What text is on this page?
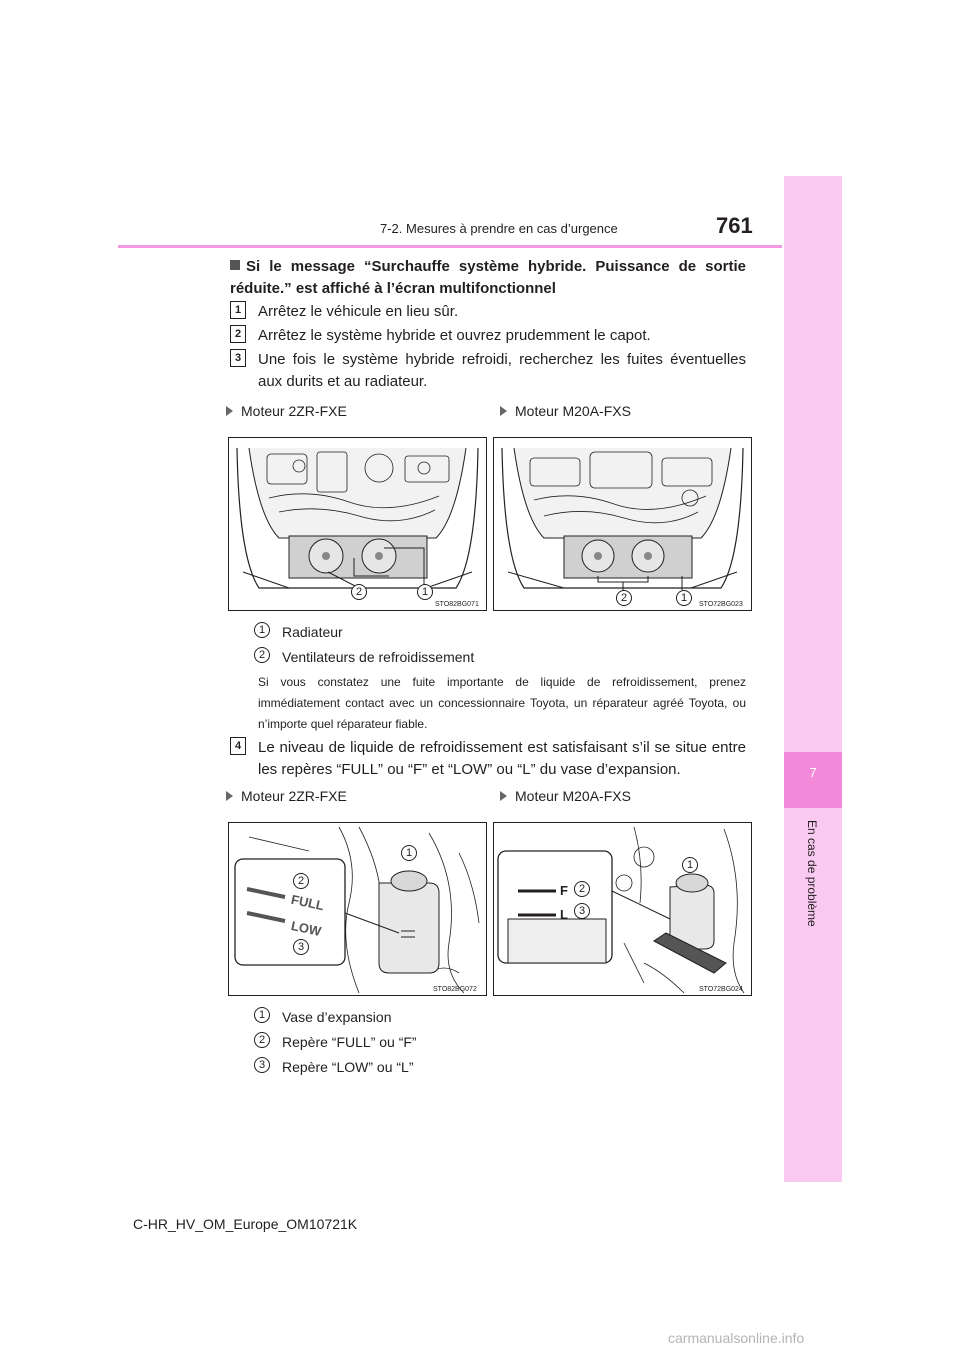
7
En cas de problème
7-2. Mesures à prendre en cas d’urgence	761
Si le message “Surchauffe système hybride. Puissance de sortie réduite.” est affiché à l’écran multifonctionnel
1	Arrêtez le véhicule en lieu sûr.
2	Arrêtez le système hybride et ouvrez prudemment le capot.
3	Une fois le système hybride refroidi, recherchez les fuites éventuelles aux durits et au radiateur.
Moteur 2ZR-FXE	Moteur M20A-FXS
2	1
STO82BG071
2	1
STO72BG023
1	Radiateur
2	Ventilateurs de refroidissement
Si vous constatez une fuite importante de liquide de refroidissement, prenez immédiatement contact avec un concessionnaire Toyota, un réparateur agréé Toyota, ou n’importe quel réparateur fiable.
4	Le niveau de liquide de refroidissement est satisfaisant s’il se situe entre les repères “FULL” ou “F” et “LOW” ou “L” du vase d’expansion.
Moteur 2ZR-FXE	Moteur M20A-FXS
FULL
LOW
1
2
3
STO82BG072
F
L
1
2
3
STO72BG024
1	Vase d’expansion
2	Repère “FULL” ou “F”
3	Repère “LOW” ou “L”
C-HR_HV_OM_Europe_OM10721K
carmanualsonline.info
